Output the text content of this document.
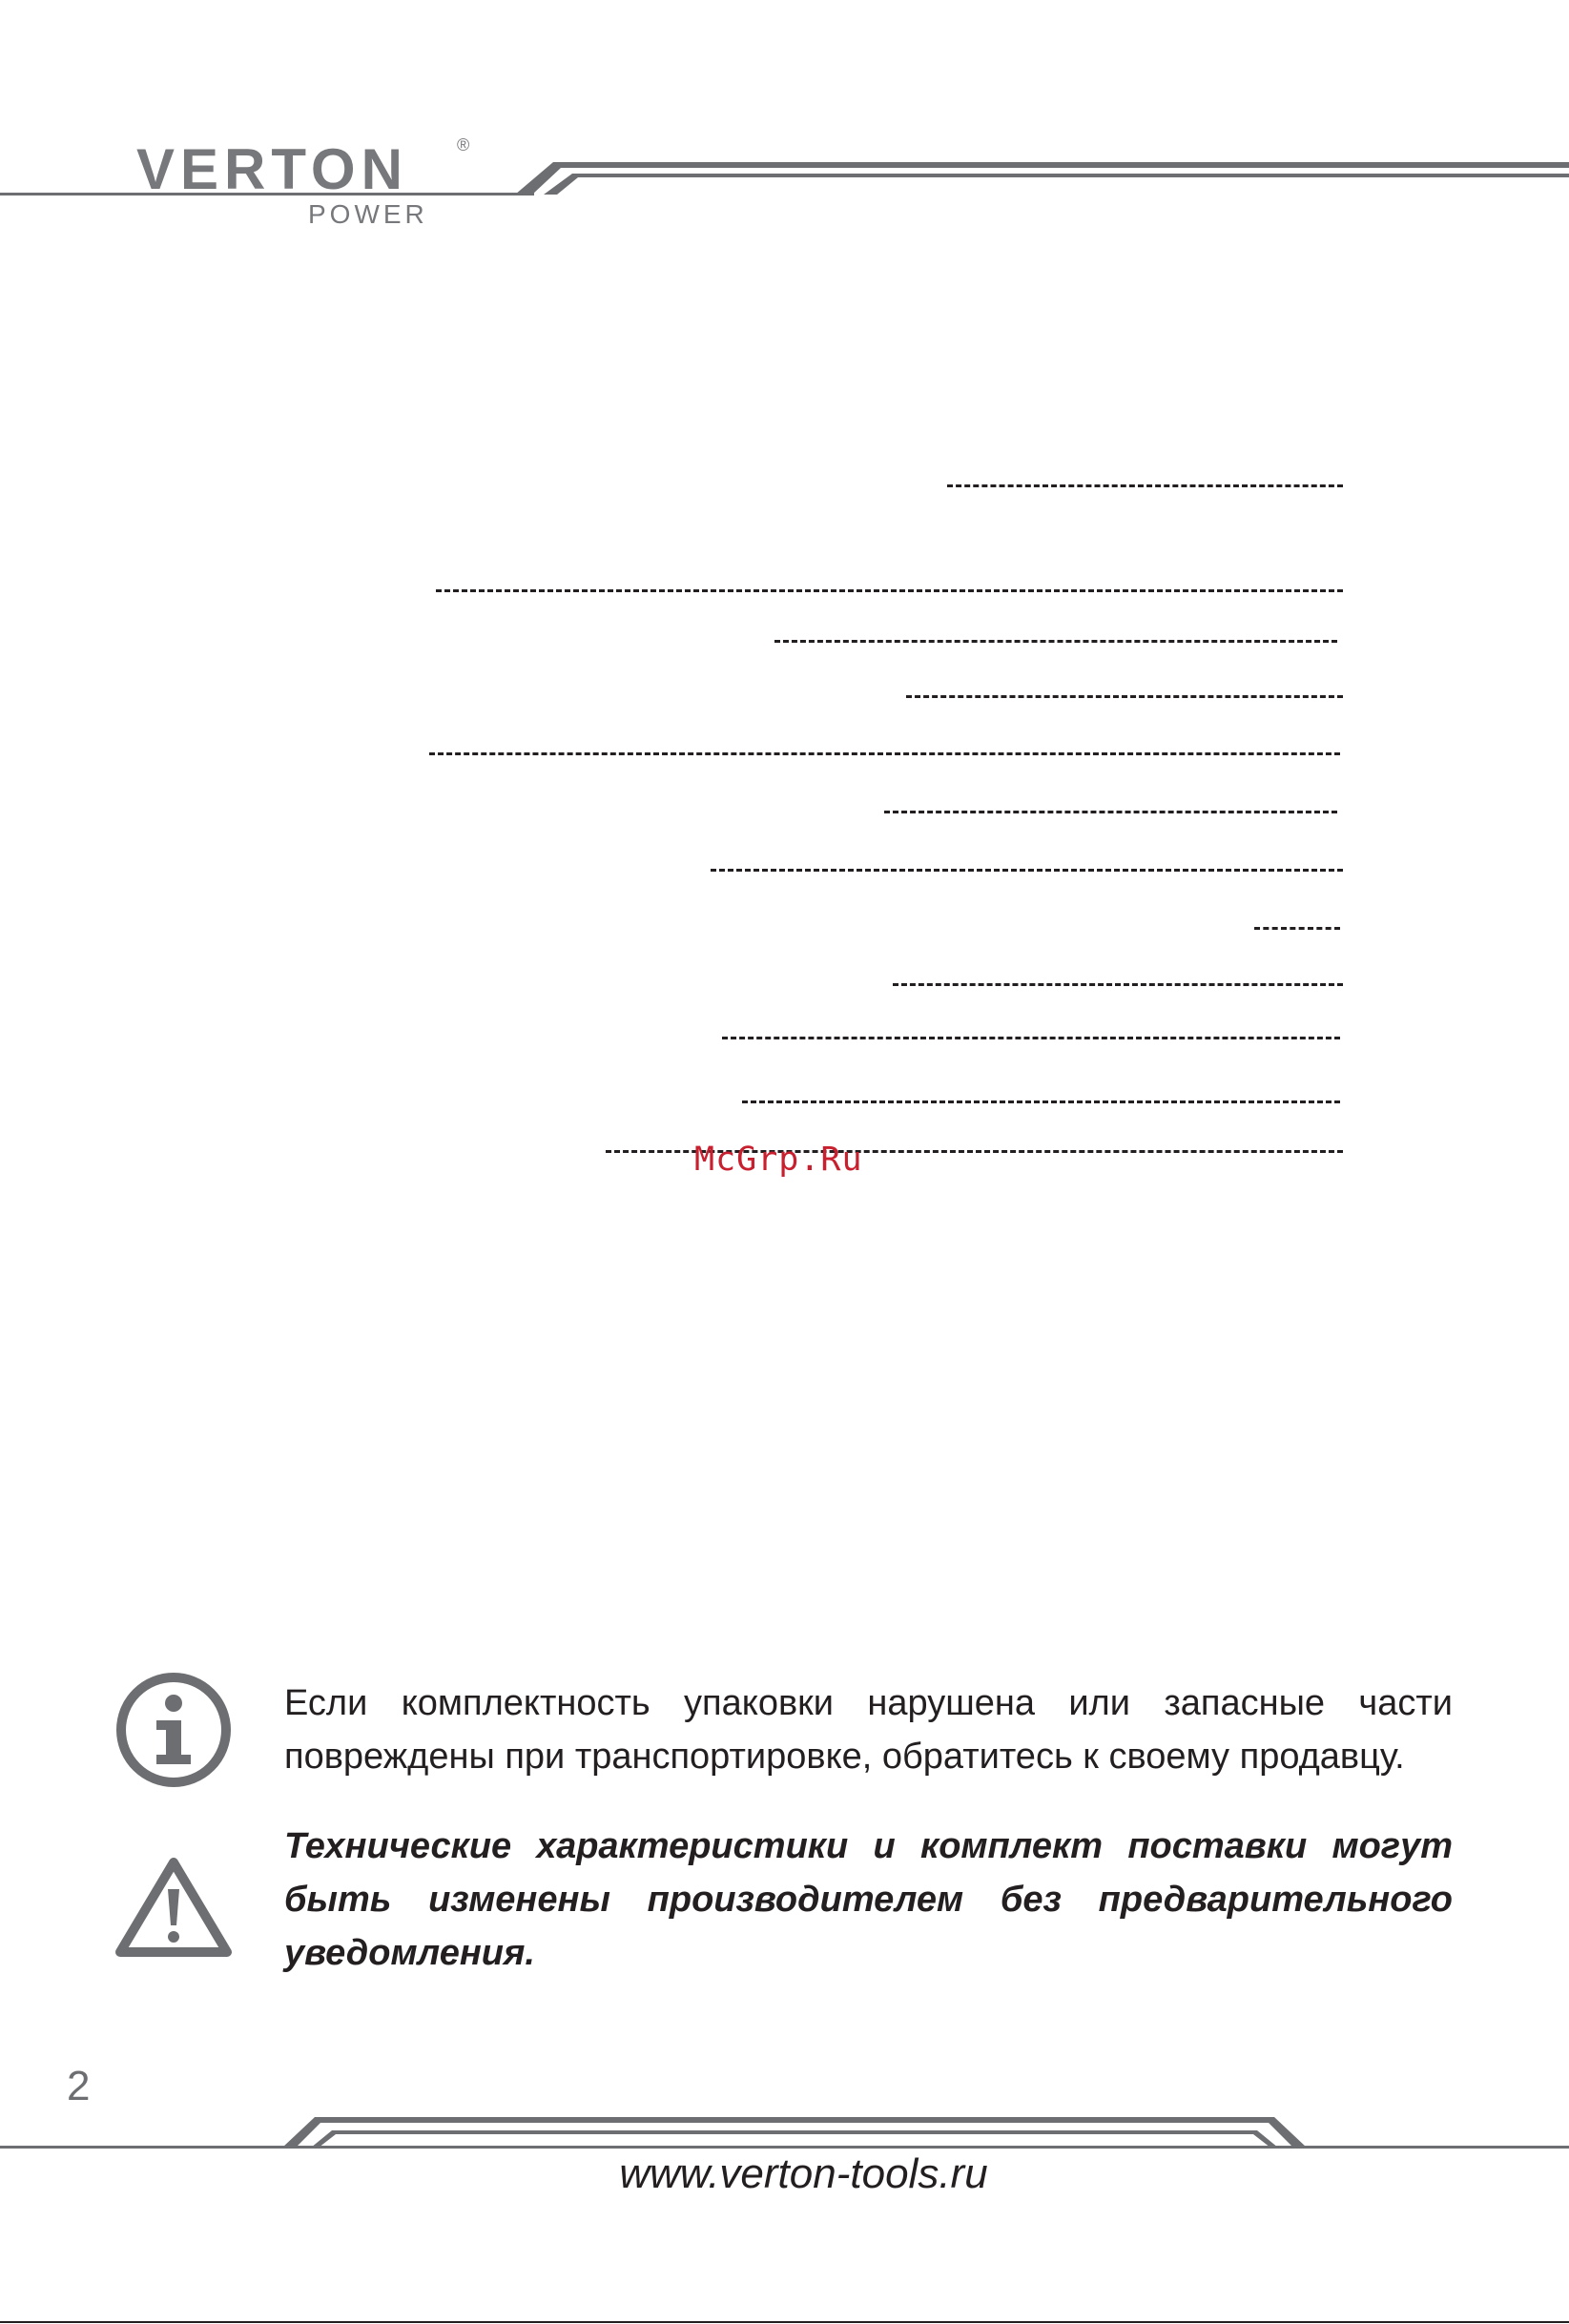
VERTON	®
POWER
McGrp.Ru
Если комплектность упаковки нарушена или запасные части
повреждены при транспортировке, обратитесь к своему продавцу.
Технические характеристики и комплект поставки могут быть изменены производителем без предварительного уведомления.
2
www.verton-tools.ru
